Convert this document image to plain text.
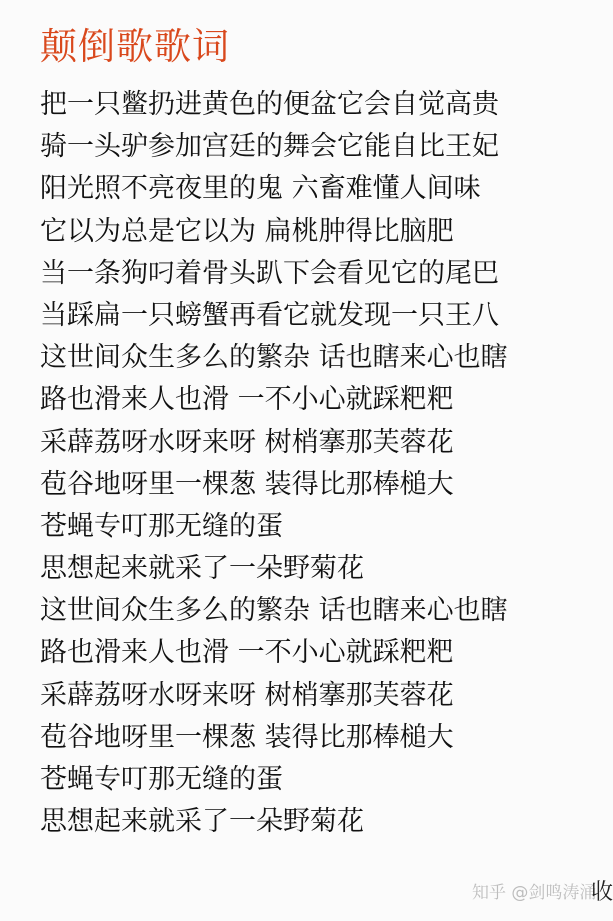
颠倒歌歌词
把一只鳖扔进黄色的便盆它会自觉高贵
骑一头驴参加宫廷的舞会它能自比王妃
阳光照不亮夜里的鬼 六畜难懂人间味
它以为总是它以为 扁桃肿得比脑肥
当一条狗叼着骨头趴下会看见它的尾巴
当踩扁一只螃蟹再看它就发现一只王八
这世间众生多么的繁杂 话也瞎来心也瞎
路也滑来人也滑 一不小心就踩粑粑
采薜荔呀水呀来呀 树梢搴那芙蓉花
苞谷地呀里一棵葱 装得比那棒槌大
苍蝇专叮那无缝的蛋
思想起来就采了一朵野菊花
这世间众生多么的繁杂 话也瞎来心也瞎
路也滑来人也滑 一不小心就踩粑粑
采薜荔呀水呀来呀 树梢搴那芙蓉花
苞谷地呀里一棵葱 装得比那棒槌大
苍蝇专叮那无缝的蛋
思想起来就采了一朵野菊花
知乎 @剑鸣涛涌
收
